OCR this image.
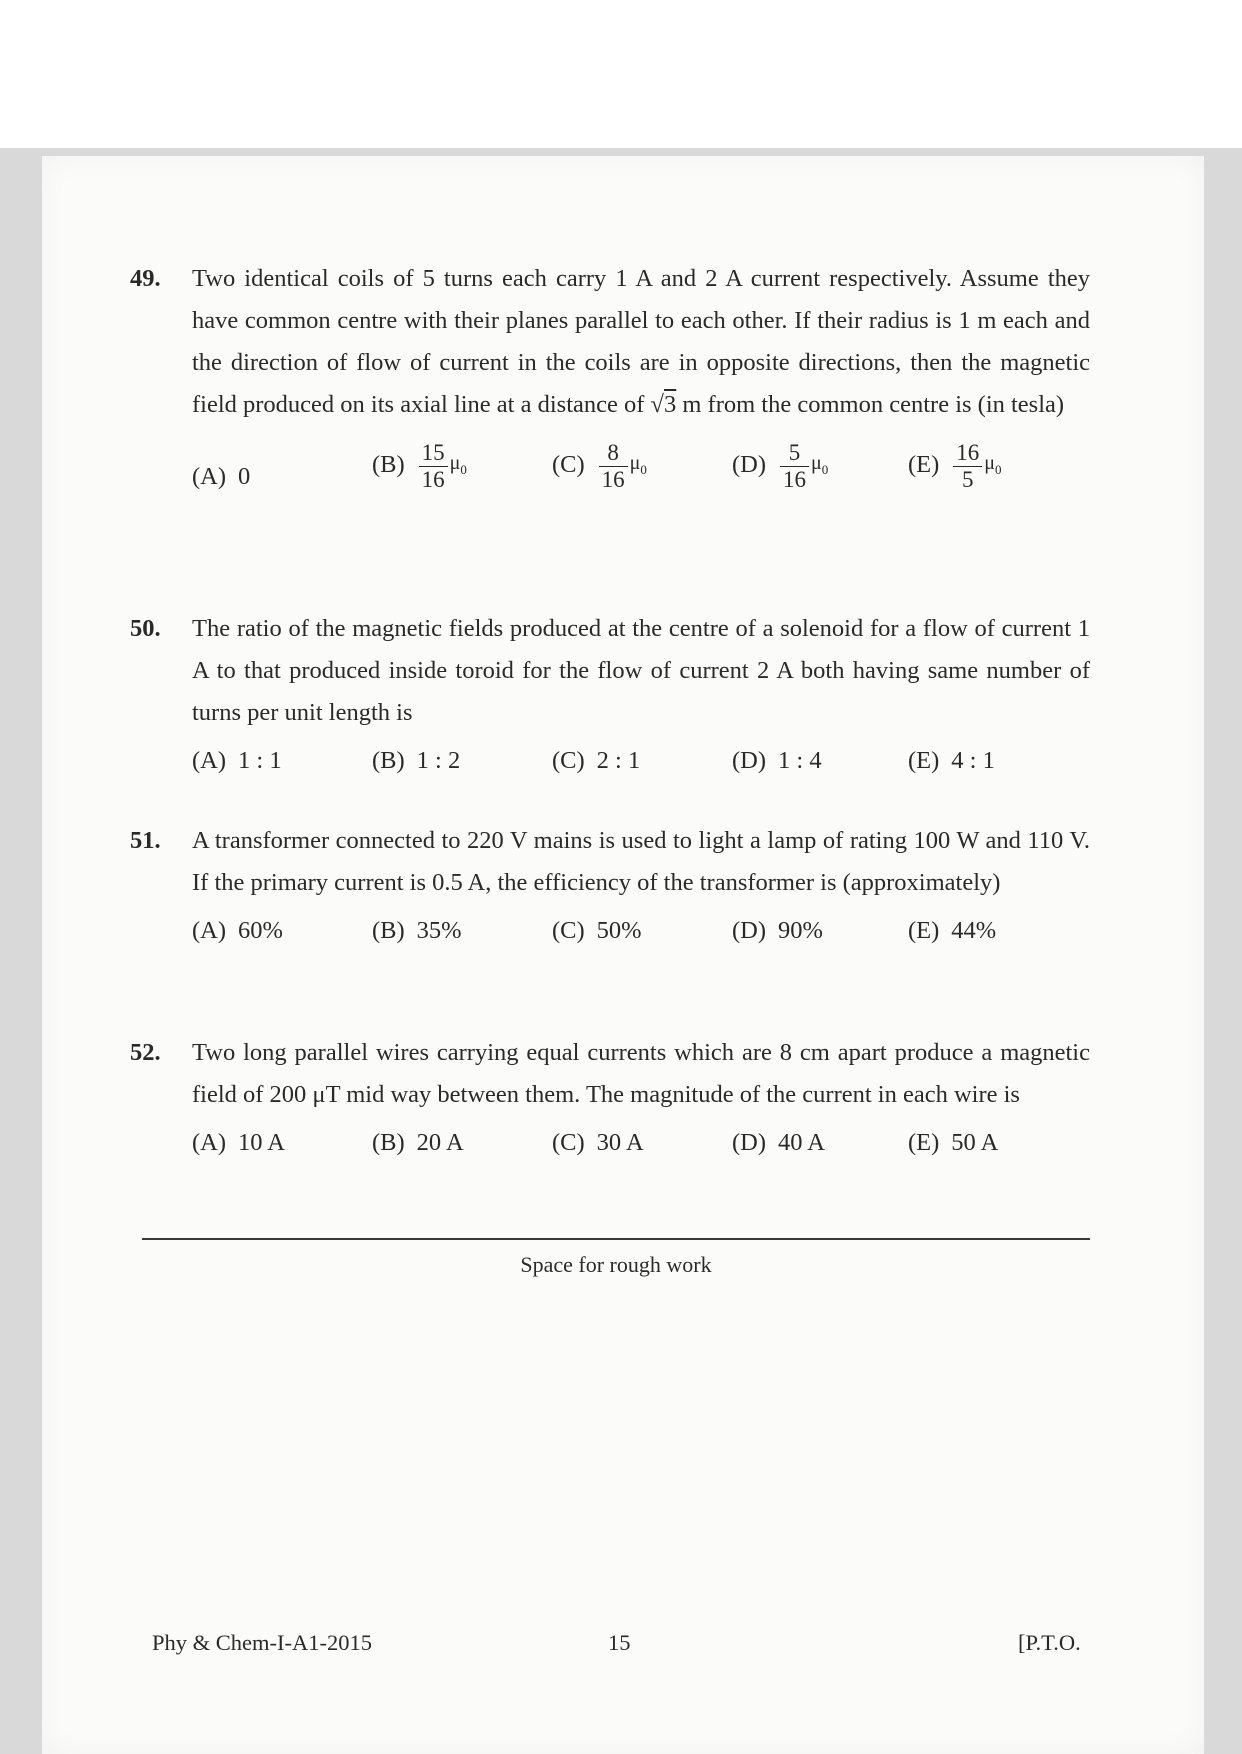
49.	Two identical coils of 5 turns each carry 1 A and 2 A current respectively. Assume they have common centre with their planes parallel to each other. If their radius is 1 m each and the direction of flow of current in the coils are in opposite directions, then the magnetic field produced on its axial line at a distance of √3 m from the common centre is (in tesla)
(A) 0	$(B) \frac{15}{16} \mu_0$	$(C) \frac{8}{16} \mu_0$	$(D) \frac{5}{16} \mu_0$	$(E) \frac{16}{5} \mu_0$
50.	The ratio of the magnetic fields produced at the centre of a solenoid for a flow of current 1 A to that produced inside toroid for the flow of current 2 A both having same number of turns per unit length is
(A) 1 : 1	(B) 1 : 2	(C) 2 : 1	(D) 1 : 4	(E) 4 : 1
51.	A transformer connected to 220 V mains is used to light a lamp of rating 100 W and 110 V. If the primary current is 0.5 A, the efficiency of the transformer is (approximately)
(A) 60%	(B) 35%	(C) 50%	(D) 90%	(E) 44%
52.	Two long parallel wires carrying equal currents which are 8 cm apart produce a magnetic field of 200 μT mid way between them. The magnitude of the current in each wire is
(A) 10 A	(B) 20 A	(C) 30 A	(D) 40 A	(E) 50 A
Space for rough work
Phy & Chem-I-A1-2015	15	[P.T.O.
